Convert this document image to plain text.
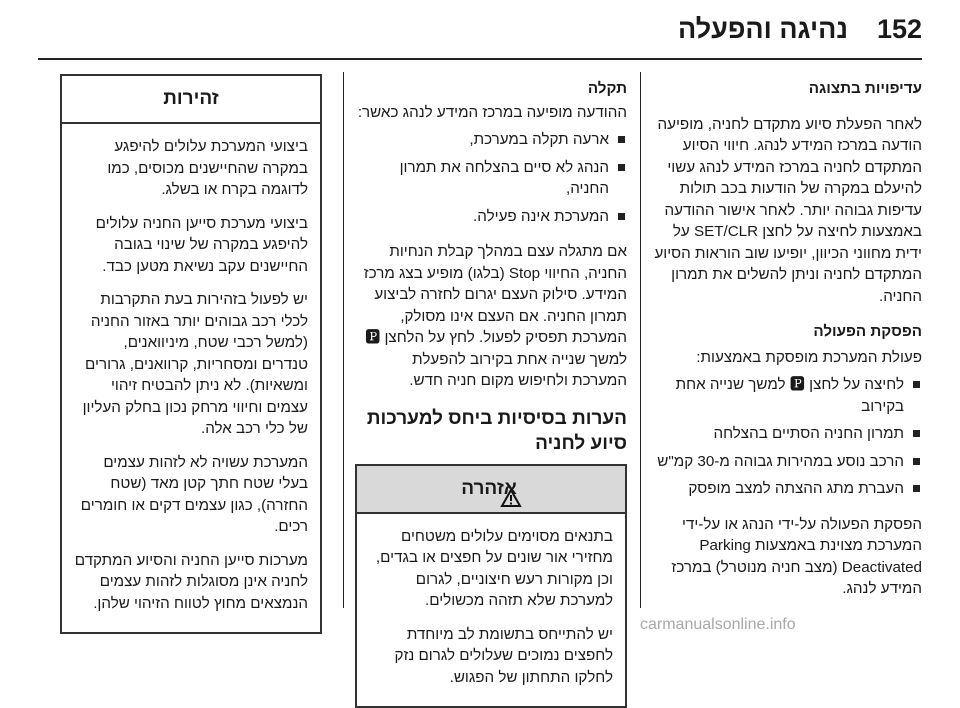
152
נהיגה והפעלה

עדיפויות בתצוגה

לאחר הפעלת סיוע מתקדם לחניה, מופיעה הודעה במרכז המידע לנהג. חיווי הסיוע המתקדם לחניה במרכז המידע לנהג עשוי להיעלם במקרה של הודעות בכב תולות עדיפות גבוהה יותר. לאחר אישור ההודעה באמצעות לחיצה על לחצן SET/CLR על ידית מחווני הכיוון, יופיעו שוב הוראות הסיוע המתקדם לחניה וניתן להשלים את תמרון החניה.

הפסקת הפעולה

פעולת המערכת מופסקת באמצעות:

לחיצה על לחצן 🅿 למשך שנייה אחת בקירוב
תמרון החניה הסתיים בהצלחה
הרכב נוסע במהירות גבוהה מ-30 קמ"ש
העברת מתג ההצתה למצב מופסק

הפסקת הפעולה על-ידי הנהג או על-ידי המערכת מצוינת באמצעות Parking Deactivated (מצב חניה מנוטרל) במרכז המידע לנהג.

תקלה

ההודעה מופיעה במרכז המידע לנהג כאשר:

ארעה תקלה במערכת,
הנהג לא סיים בהצלחה את תמרון החניה,
המערכת אינה פעילה.

אם מתגלה עצם במהלך קבלת הנחיות החניה, החיווי Stop (בלגו) מופיע בצג מרכז המידע. סילוק העצם יגרום לחזרה לביצוע תמרון החניה. אם העצם אינו מסולק, המערכת תפסיק לפעול. לחץ על הלחצן 🅿 למשך שנייה אחת בקירוב להפעלת המערכת ולחיפוש מקום חניה חדש.

הערות בסיסיות ביחס למערכות סיוע לחניה

אזהרה

בתנאים מסוימים עלולים משטחים מחזירי אור שונים על חפצים או בגדים, וכן מקורות רעש חיצוניים, לגרום למערכת שלא תזהה מכשולים.

יש להתייחס בתשומת לב מיוחדת לחפצים נמוכים שעלולים לגרום נזק לחלקו התחתון של הפגוש.

זהירות

ביצועי המערכת עלולים להיפגע במקרה שהחיישנים מכוסים, כמו לדוגמה בקרח או בשלג.

ביצועי מערכת סייען החניה עלולים להיפגע במקרה של שינוי בגובה החיישנים עקב נשיאת מטען כבד.

יש לפעול בזהירות בעת התקרבות לכלי רכב גבוהים יותר באזור החניה (למשל רכבי שטח, מיניוואנים, טנדרים ומסחריות, קרוואנים, גרורים ומשאיות). לא ניתן להבטיח זיהוי עצמים וחיווי מרחק נכון בחלק העליון של כלי רכב אלה.

המערכת עשויה לא לזהות עצמים בעלי שטח חתך קטן מאד (שטח החזרה), כגון עצמים דקים או חומרים רכים.

מערכות סייען החניה והסיוע המתקדם לחניה אינן מסוגלות לזהות עצמים הנמצאים מחוץ לטווח הזיהוי שלהן.

carmanualsonline.info
